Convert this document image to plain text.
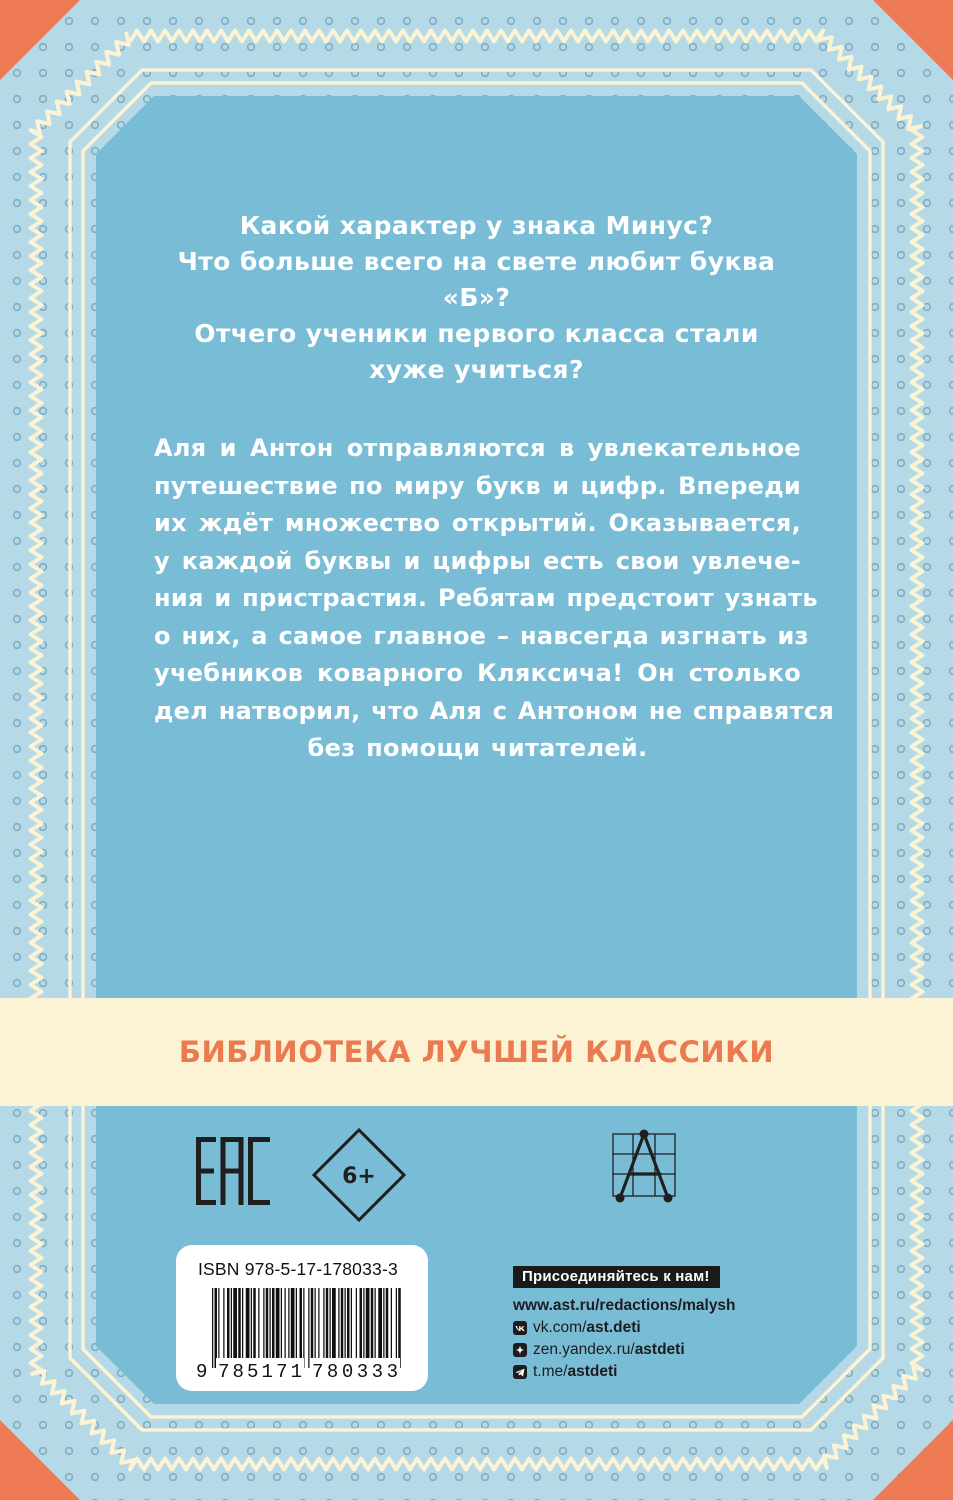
Какой характер у знака Минус?

Что больше всего на свете любит буква «Б»?

Отчего ученики первого класса стали

хуже учиться?

Аля и Антон отправляются в увлекательное
путешествие по миру букв и цифр. Впереди
их ждёт множество открытий. Оказывается,
у каждой буквы и цифры есть свои увлече-
ния и пристрастия. Ребятам предстоит узнать
о них, а самое главное – навсегда изгнать из
учебников коварного Кляксича! Он столько
дел натворил, что Аля с Антоном не справятся
без помощи читателей.
БИБЛИОТЕКА ЛУЧШЕЙ КЛАССИКИ
6+
ISBN 978-5-17-178033-3
9 785171 780333
Присоединяйтесь к нам!
www.ast.ru/redactions/malysh
vk.com/ ast.deti
zen.yandex.ru/ astdeti
t.me/ astdeti
